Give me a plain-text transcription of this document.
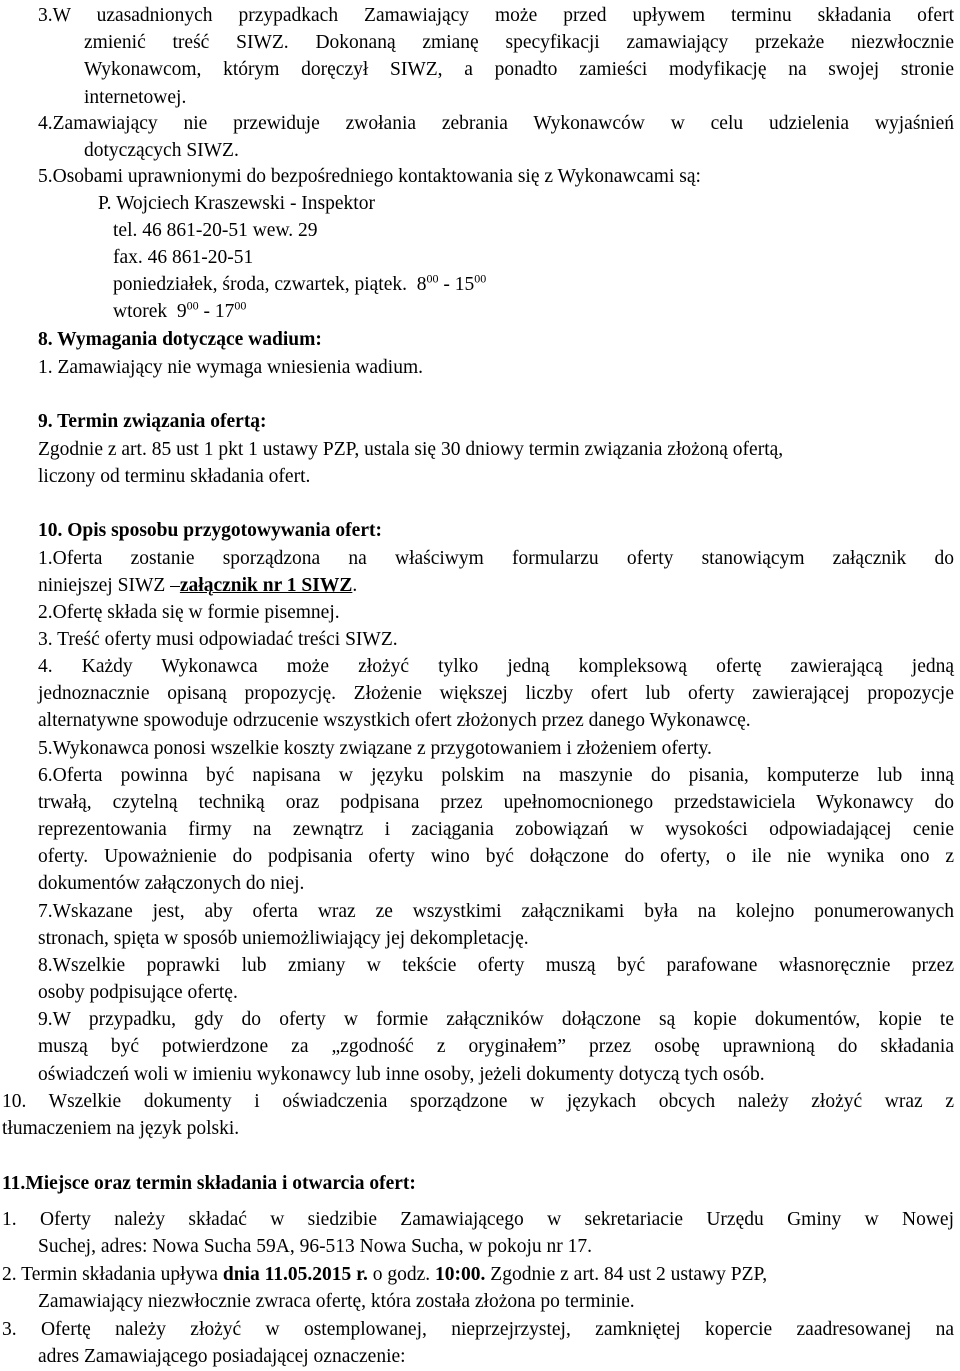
3.W uzasadnionych przypadkach Zamawiający może przed upływem terminu składania ofert
zmienić treść SIWZ. Dokonaną zmianę specyfikacji zamawiający przekaże niezwłocznie
Wykonawcom, którym doręczył SIWZ, a ponadto zamieści modyfikację na swojej stronie
internetowej.
4.Zamawiający nie przewiduje zwołania zebrania Wykonawców w celu udzielenia wyjaśnień
dotyczących SIWZ.
5.Osobami uprawnionymi do bezpośredniego kontaktowania się z Wykonawcami są:
P. Wojciech Kraszewski - Inspektor
tel. 46 861-20-51 wew. 29
fax. 46 861-20-51
poniedziałek, środa, czwartek, piątek. $8^{00} - 15^{00}$
wtorek $9^{00} - 17^{00}$
8. Wymagania dotyczące wadium:
1. Zamawiający nie wymaga wniesienia wadium.
9. Termin związania ofertą:
Zgodnie z art. 85 ust 1 pkt 1 ustawy PZP, ustala się 30 dniowy termin związania złożoną ofertą,
liczony od terminu składania ofert.
10. Opis sposobu przygotowywania ofert:
1.Oferta zostanie sporządzona na właściwym formularzu oferty stanowiącym załącznik do
niniejszej SIWZ –załącznik nr 1 SIWZ.
2.Ofertę składa się w formie pisemnej.
3. Treść oferty musi odpowiadać treści SIWZ.
4. Każdy Wykonawca może złożyć tylko jedną kompleksową ofertę zawierającą jedną
jednoznacznie opisaną propozycję. Złożenie większej liczby ofert lub oferty zawierającej propozycje
alternatywne spowoduje odrzucenie wszystkich ofert złożonych przez danego Wykonawcę.
5.Wykonawca ponosi wszelkie koszty związane z przygotowaniem i złożeniem oferty.
6.Oferta powinna być napisana w języku polskim na maszynie do pisania, komputerze lub inną
trwałą, czytelną techniką oraz podpisana przez upełnomocnionego przedstawiciela Wykonawcy do
reprezentowania firmy na zewnątrz i zaciągania zobowiązań w wysokości odpowiadającej cenie
oferty. Upoważnienie do podpisania oferty wino być dołączone do oferty, o ile nie wynika ono z
dokumentów załączonych do niej.
7.Wskazane jest, aby oferta wraz ze wszystkimi załącznikami była na kolejno ponumerowanych
stronach, spięta w sposób uniemożliwiający jej dekompletację.
8.Wszelkie poprawki lub zmiany w tekście oferty muszą być parafowane własnoręcznie przez
osoby podpisujące ofertę.
9.W przypadku, gdy do oferty w formie załączników dołączone są kopie dokumentów, kopie te
muszą być potwierdzone za „zgodność z oryginałem” przez osobę uprawnioną do składania
oświadczeń woli w imieniu wykonawcy lub inne osoby, jeżeli dokumenty dotyczą tych osób.
10. Wszelkie dokumenty i oświadczenia sporządzone w językach obcych należy złożyć wraz z
tłumaczeniem na język polski.
11.Miejsce oraz termin składania i otwarcia ofert:
1. Oferty należy składać w siedzibie Zamawiającego w sekretariacie Urzędu Gminy w Nowej
Suchej, adres: Nowa Sucha 59A, 96-513 Nowa Sucha, w pokoju nr 17.
2. Termin składania upływa dnia 11.05.2015 r. o godz. 10:00. Zgodnie z art. 84 ust 2 ustawy PZP,
Zamawiający niezwłocznie zwraca ofertę, która została złożona po terminie.
3. Ofertę należy złożyć w ostemplowanej, nieprzejrzystej, zamkniętej kopercie zaadresowanej na
adres Zamawiającego posiadającej oznaczenie:
